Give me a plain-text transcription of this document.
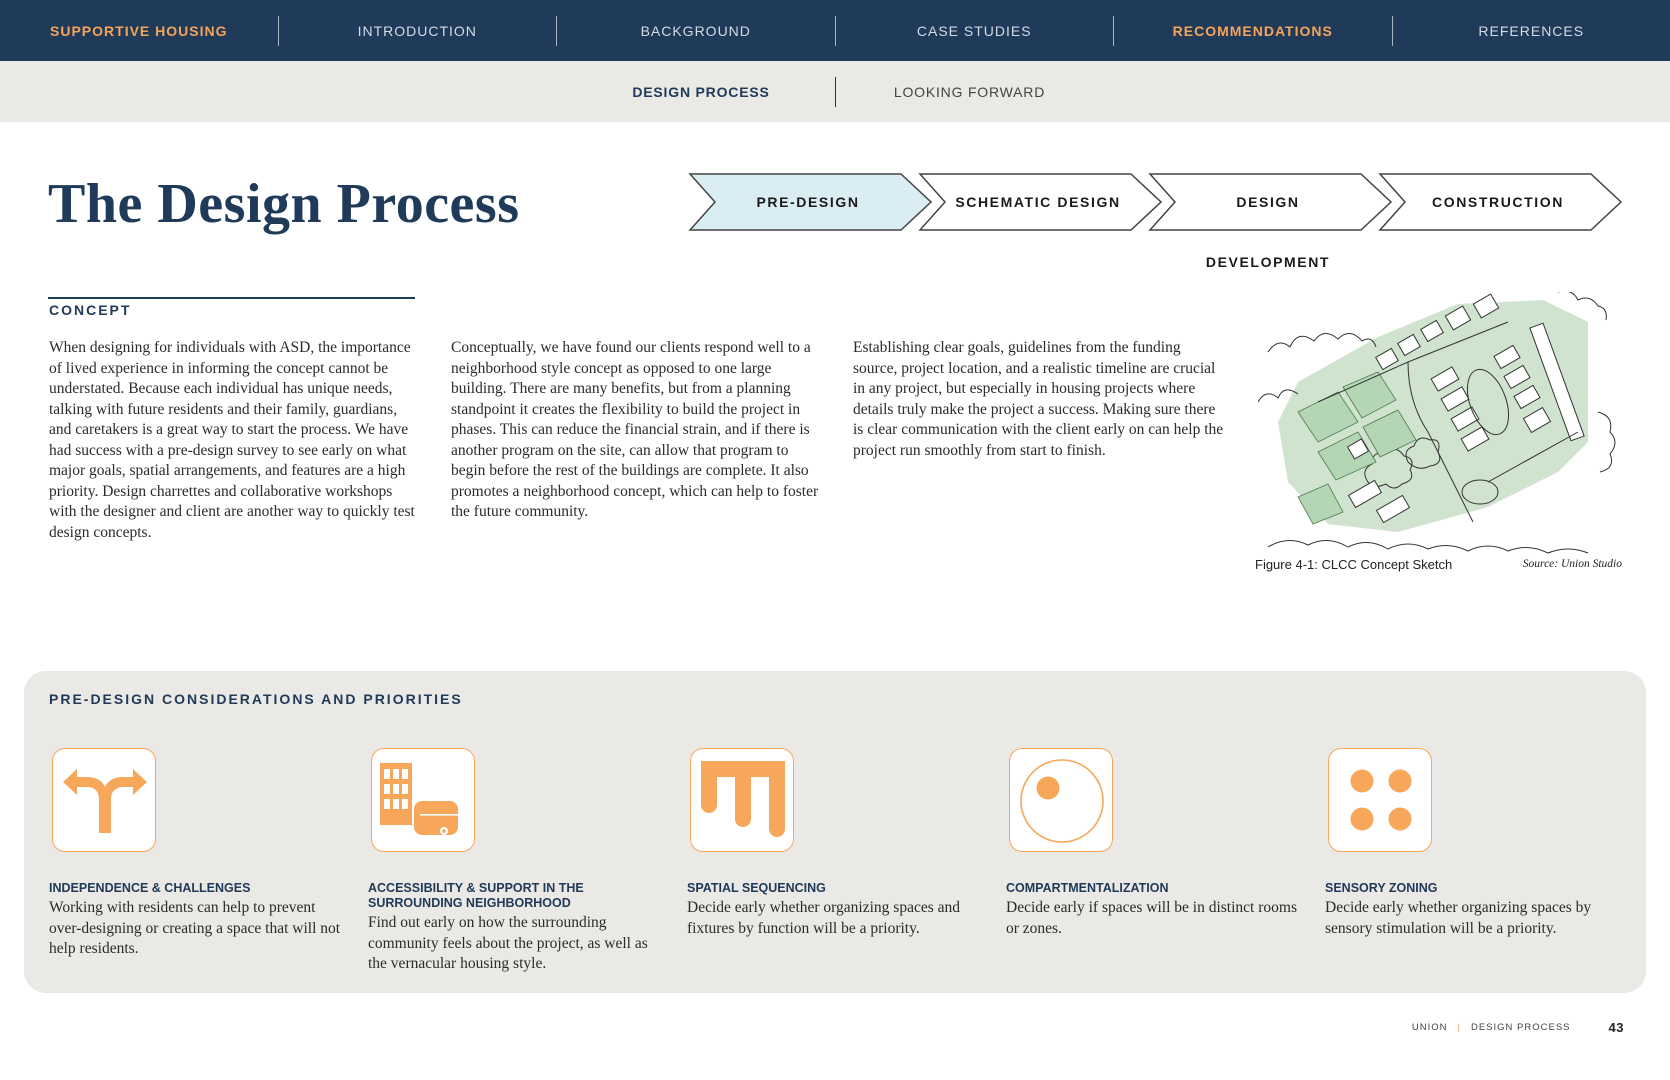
SUPPORTIVE HOUSING	INTRODUCTION	BACKGROUND	CASE STUDIES	RECOMMENDATIONS	REFERENCES
DESIGN PROCESS	LOOKING FORWARD
The Design Process	PRE-DESIGN	SCHEMATIC DESIGN	DESIGN DEVELOPMENT
CONSTRUCTION
CONCEPT

When designing for individuals with ASD, the importance of lived experience in informing the concept cannot be understated. Because each individual has unique needs, talking with future residents and their family, guardians, and caretakers is a great way to start the process. We have had success with a pre-design survey to see early on what major goals, spatial arrangements, and features are a high priority. Design charrettes and collaborative workshops with the designer and client are another way to quickly test design concepts.

Conceptually, we have found our clients respond well to a neighborhood style concept as opposed to one large building. There are many benefits, but from a planning standpoint it creates the flexibility to build the project in phases. This can reduce the financial strain, and if there is another program on the site, can allow that program to begin before the rest of the buildings are complete. It also promotes a neighborhood concept, which can help to foster the future community.

Establishing clear goals, guidelines from the funding source, project location, and a realistic timeline are crucial in any project, but especially in housing projects where details truly make the project a success. Making sure there is clear communication with the client early on can help the project run smoothly from start to finish.

Figure 4-1: CLCC Concept Sketch	Source: Union Studio
PRE-DESIGN CONSIDERATIONS AND PRIORITIES
INDEPENDENCE & CHALLENGES
Working with residents can help to prevent over-designing or creating a space that will not help residents.
ACCESSIBILITY & SUPPORT IN THE SURROUNDING NEIGHBORHOOD
Find out early on how the surrounding community feels about the project, as well as the vernacular housing style.
SPATIAL SEQUENCING
Decide early whether organizing spaces and fixtures by function will be a priority.
COMPARTMENTALIZATION
Decide early if spaces will be in distinct rooms or zones.
SENSORY ZONING
Decide early whether organizing spaces by sensory stimulation will be a priority.
UNION | DESIGN PROCESS	43
